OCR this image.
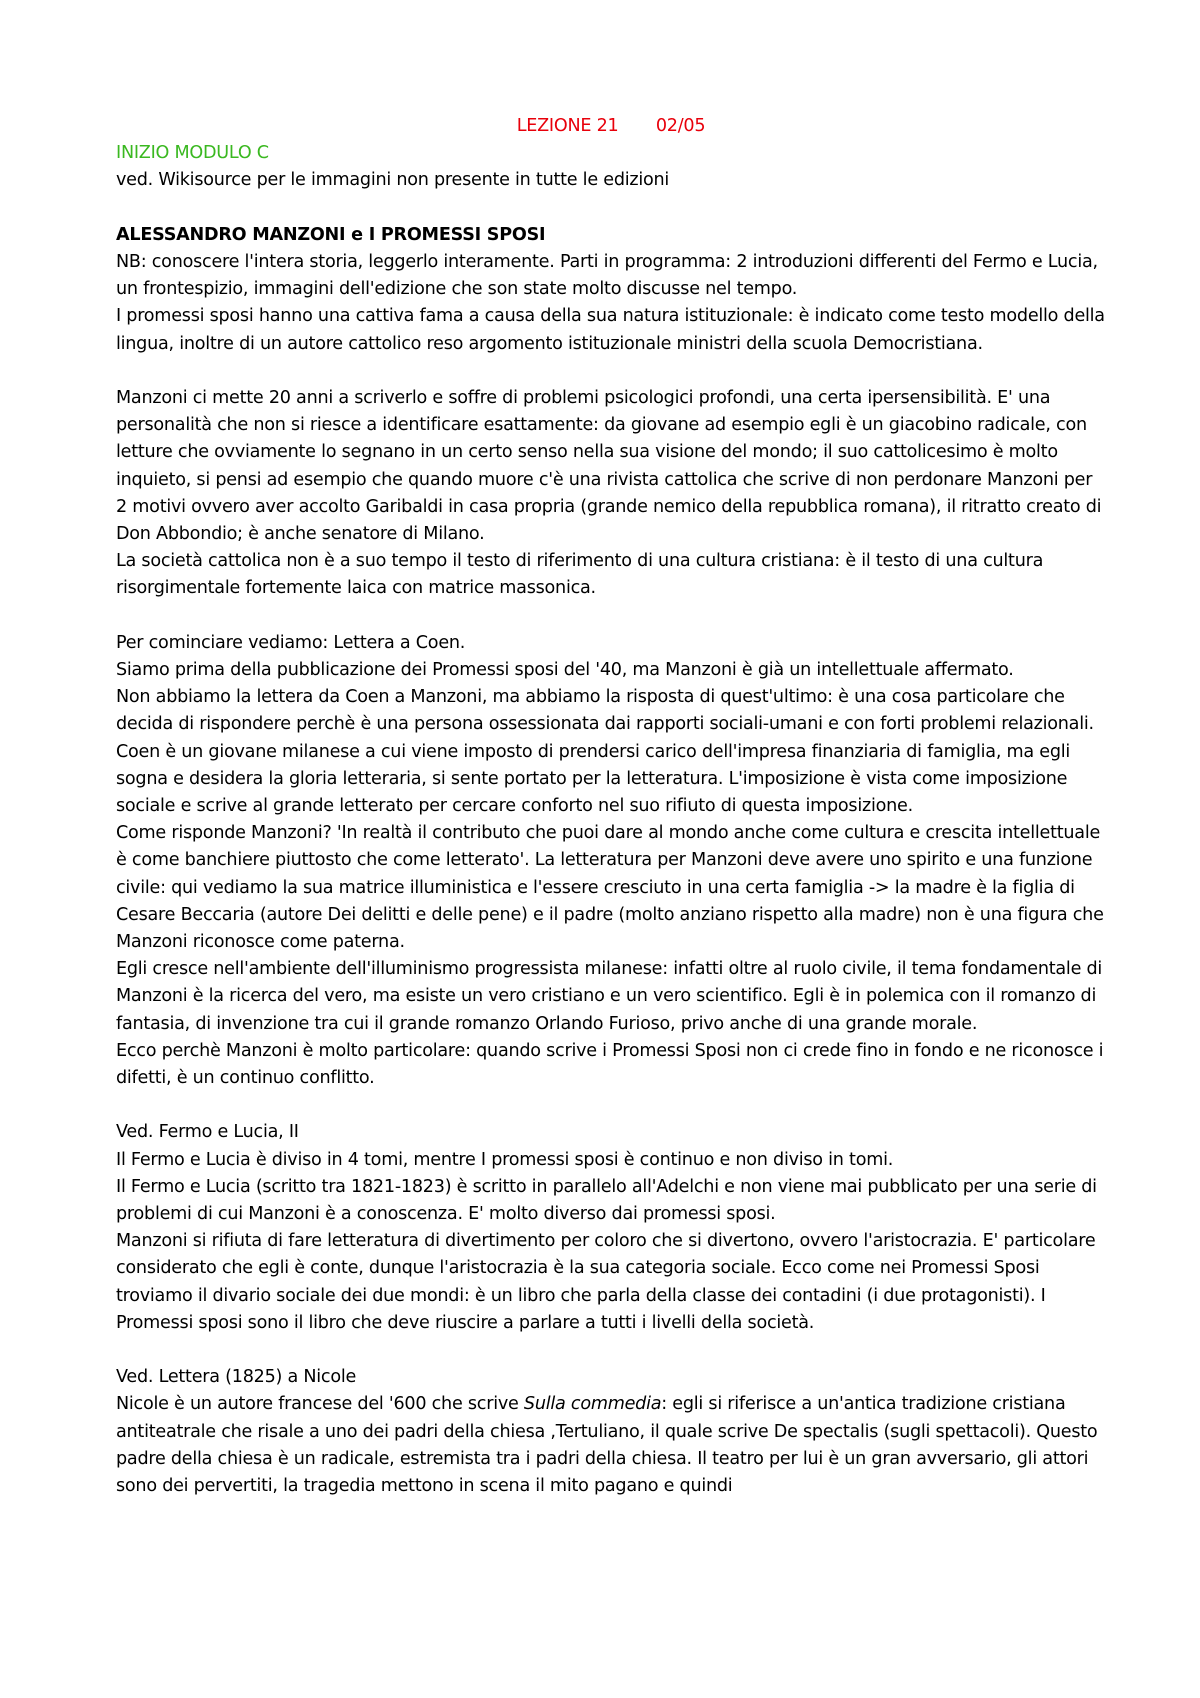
LEZIONE 21 02/05
INIZIO MODULO C

ved. Wikisource per le immagini non presente in tutte le edizioni

ALESSANDRO MANZONI e I PROMESSI SPOSI

NB: conoscere l'intera storia, leggerlo interamente. Parti in programma: 2 introduzioni differenti del Fermo e Lucia, un frontespizio, immagini dell'edizione che son state molto discusse nel tempo.

I promessi sposi hanno una cattiva fama a causa della sua natura istituzionale: è indicato come testo modello della lingua, inoltre di un autore cattolico reso argomento istituzionale ministri della scuola Democristiana.

Manzoni ci mette 20 anni a scriverlo e soffre di problemi psicologici profondi, una certa ipersensibilità. E' una personalità che non si riesce a identificare esattamente: da giovane ad esempio egli è un giacobino radicale, con letture che ovviamente lo segnano in un certo senso nella sua visione del mondo; il suo cattolicesimo è molto inquieto, si pensi ad esempio che quando muore c'è una rivista cattolica che scrive di non perdonare Manzoni per 2 motivi ovvero aver accolto Garibaldi in casa propria (grande nemico della repubblica romana), il ritratto creato di Don Abbondio; è anche senatore di Milano.

La società cattolica non è a suo tempo il testo di riferimento di una cultura cristiana: è il testo di una cultura risorgimentale fortemente laica con matrice massonica.

Per cominciare vediamo: Lettera a Coen.

Siamo prima della pubblicazione dei Promessi sposi del '40, ma Manzoni è già un intellettuale affermato.

Non abbiamo la lettera da Coen a Manzoni, ma abbiamo la risposta di quest'ultimo: è una cosa particolare che decida di rispondere perchè è una persona ossessionata dai rapporti sociali-umani e con forti problemi relazionali.

Coen è un giovane milanese a cui viene imposto di prendersi carico dell'impresa finanziaria di famiglia, ma egli sogna e desidera la gloria letteraria, si sente portato per la letteratura. L'imposizione è vista come imposizione sociale e scrive al grande letterato per cercare conforto nel suo rifiuto di questa imposizione.

Come risponde Manzoni? 'In realtà il contributo che puoi dare al mondo anche come cultura e crescita intellettuale è come banchiere piuttosto che come letterato'. La letteratura per Manzoni deve avere uno spirito e una funzione civile: qui vediamo la sua matrice illuministica e l'essere cresciuto in una certa famiglia -> la madre è la figlia di Cesare Beccaria (autore Dei delitti e delle pene) e il padre (molto anziano rispetto alla madre) non è una figura che Manzoni riconosce come paterna.

Egli cresce nell'ambiente dell'illuminismo progressista milanese: infatti oltre al ruolo civile, il tema fondamentale di Manzoni è la ricerca del vero, ma esiste un vero cristiano e un vero scientifico. Egli è in polemica con il romanzo di fantasia, di invenzione tra cui il grande romanzo Orlando Furioso, privo anche di una grande morale.

Ecco perchè Manzoni è molto particolare: quando scrive i Promessi Sposi non ci crede fino in fondo e ne riconosce i difetti, è un continuo conflitto.

Ved. Fermo e Lucia, II

Il Fermo e Lucia è diviso in 4 tomi, mentre I promessi sposi è continuo e non diviso in tomi.

Il Fermo e Lucia (scritto tra 1821-1823) è scritto in parallelo all'Adelchi e non viene mai pubblicato per una serie di problemi di cui Manzoni è a conoscenza. E' molto diverso dai promessi sposi.

Manzoni si rifiuta di fare letteratura di divertimento per coloro che si divertono, ovvero l'aristocrazia. E' particolare considerato che egli è conte, dunque l'aristocrazia è la sua categoria sociale. Ecco come nei Promessi Sposi troviamo il divario sociale dei due mondi: è un libro che parla della classe dei contadini (i due protagonisti). I Promessi sposi sono il libro che deve riuscire a parlare a tutti i livelli della società.

Ved. Lettera (1825) a Nicole

Nicole è un autore francese del '600 che scrive Sulla commedia: egli si riferisce a un'antica tradizione cristiana antiteatrale che risale a uno dei padri della chiesa ,Tertuliano, il quale scrive De spectalis (sugli spettacoli). Questo padre della chiesa è un radicale, estremista tra i padri della chiesa. Il teatro per lui è un gran avversario, gli attori sono dei pervertiti, la tragedia mettono in scena il mito pagano e quindi
